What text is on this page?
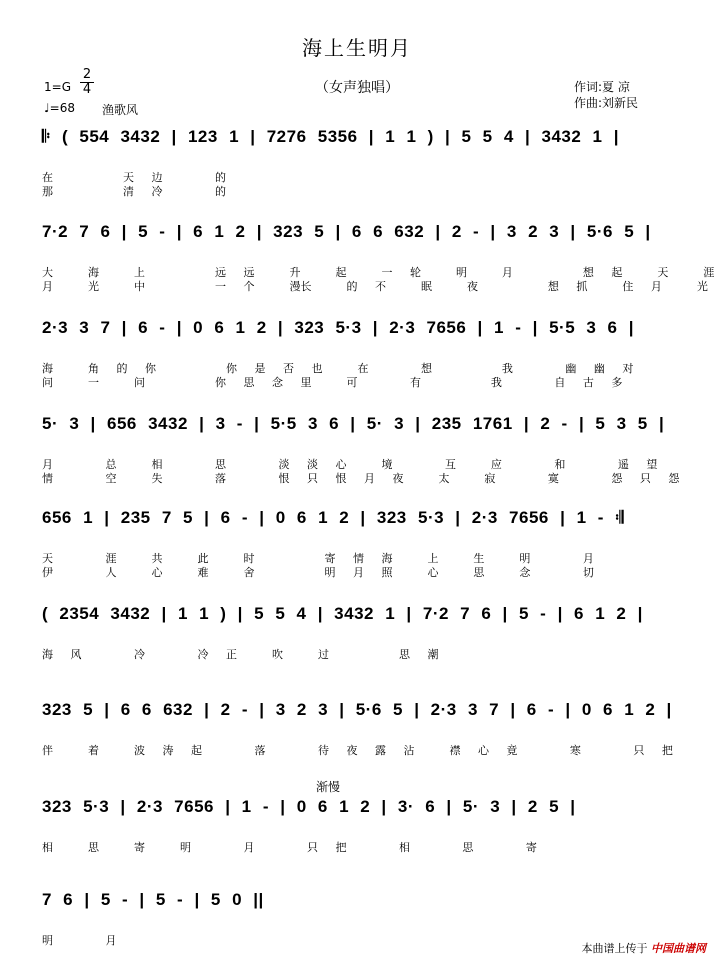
海上生明月
（女声独唱）
1=G
2
4
♩=68 渔歌风
作词:夏 凉
作曲:刘新民
渐慢
𝄆 ( 554 3432 | 123 1 | 7276 5356 | 1 1 ) | 5 5 4 | 3432 1 |
在    天 边   的
那    清 冷   的
7·2 7 6 | 5 - | 6 1 2 | 323 5 | 6 6 632 | 2 - | 3 2 3 | 5·6 5 |
大  海  上    远 远  升  起  一 轮  明  月    想 起  天  涯
月  光  中    一 个  漫长  的 不  眠  夜    想 抓  住 月  光
2·3 3 7 | 6 - | 0 6 1 2 | 323 5·3 | 2·3 7656 | 1 - | 5·5 3 6 |
海  角 的 你    你 是 否 也  在   想    我   幽 幽 对
问  一  问    你 思 念 里  可   有    我   自 古 多
5· 3 | 656 3432 | 3 - | 5·5 3 6 | 5· 3 | 235 1761 | 2 - | 5 3 5 |
月   总  相   思   淡 淡 心  境   互  应   和   遥 望
情   空  失   落   恨 只 恨 月 夜  太  寂   寞   怨 只 怨
656 1 | 235 7 5 | 6 - | 0 6 1 2 | 323 5·3 | 2·3 7656 | 1 - 𝄇
天   涯  共  此  时    寄 情 海  上  生  明   月
伊   人  心  难  舍    明 月 照  心  思  念   切
( 2354 3432 | 1 1 ) | 5 5 4 | 3432 1 | 7·2 7 6 | 5 - | 6 1 2 |
海 风   冷   冷 正  吹  过    思 潮
323 5 | 6 6 632 | 2 - | 3 2 3 | 5·6 5 | 2·3 3 7 | 6 - | 0 6 1 2 |
伴  着  波 涛 起   落   待 夜 露 沾  襟 心 竟   寒   只 把
323 5·3 | 2·3 7656 | 1 - | 0 6 1 2 | 3· 6 | 5· 3 | 2 5 |
相  思  寄  明   月   只 把   相   思   寄
7 6 | 5 - | 5 - | 5 0 ||
明   月
本曲谱上传于 中国曲谱网
